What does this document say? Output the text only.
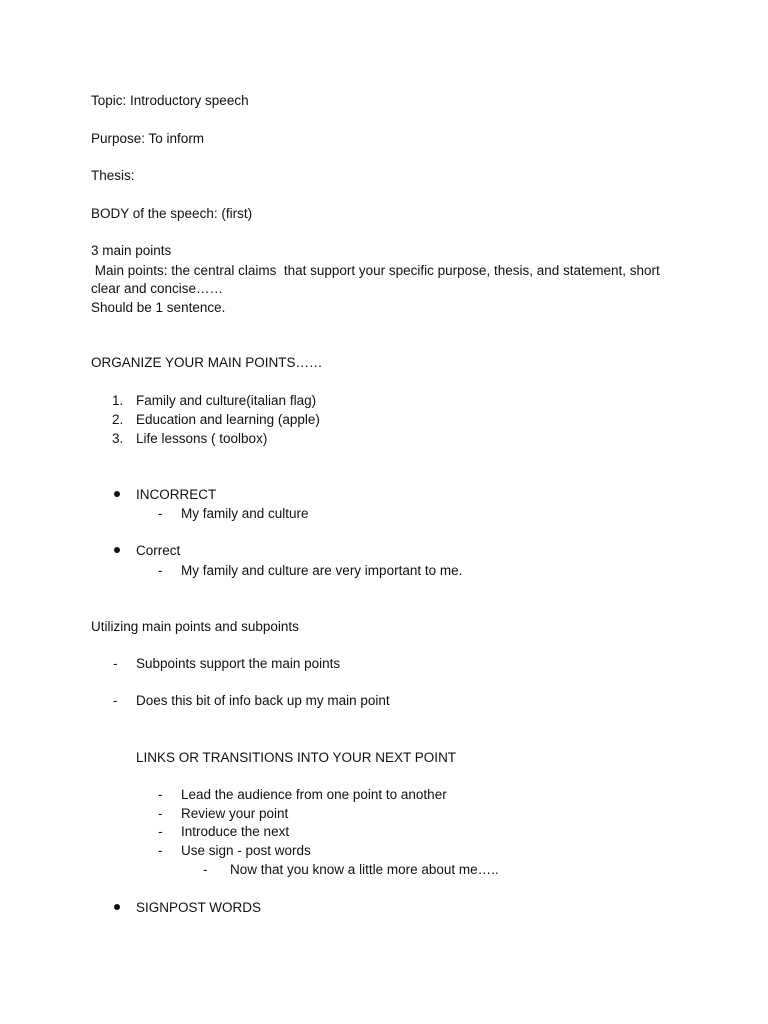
Topic: Introductory speech
Purpose: To inform
Thesis:
BODY of the speech: (first)
3 main points
Main points: the central claims  that support your specific purpose, thesis, and statement, short
clear and concise……
Should be 1 sentence.
ORGANIZE YOUR MAIN POINTS……
1. Family and culture(italian flag)
2. Education and learning (apple)
3. Life lessons ( toolbox)
INCORRECT
- My family and culture
Correct
- My family and culture are very important to me.
Utilizing main points and subpoints
- Subpoints support the main points
- Does this bit of info back up my main point
LINKS OR TRANSITIONS INTO YOUR NEXT POINT
- Lead the audience from one point to another
- Review your point
- Introduce the next
- Use sign - post words
- Now that you know a little more about me…..
SIGNPOST WORDS
